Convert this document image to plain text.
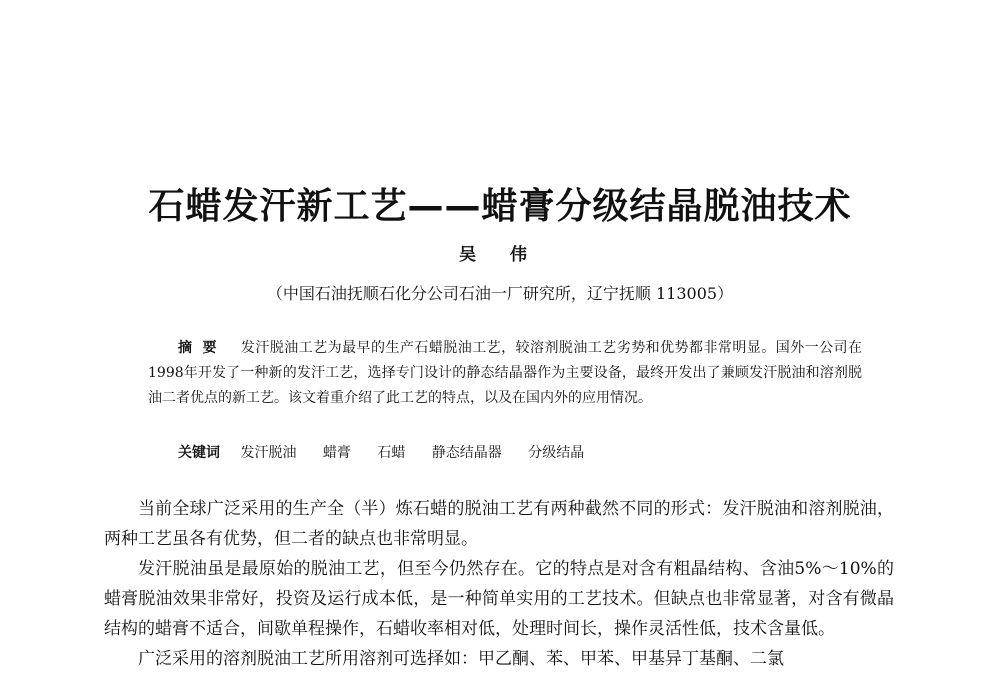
石蜡发汗新工艺——蜡膏分级结晶脱油技术
吴 伟
（中国石油抚顺石化分公司石油一厂研究所，辽宁抚顺 113005）
摘要 发汗脱油工艺为最早的生产石蜡脱油工艺，较溶剂脱油工艺劣势和优势都非常明显。国外一公司在1998年开发了一种新的发汗工艺，选择专门设计的静态结晶器作为主要设备，最终开发出了兼顾发汗脱油和溶剂脱油二者优点的新工艺。该文着重介绍了此工艺的特点，以及在国内外的应用情况。
关键词 发汗脱油 蜡膏 石蜡 静态结晶器 分级结晶

当前全球广泛采用的生产全（半）炼石蜡的脱油工艺有两种截然不同的形式：发汗脱油和溶剂脱油，两种工艺虽各有优势，但二者的缺点也非常明显。

发汗脱油虽是最原始的脱油工艺，但至今仍然存在。它的特点是对含有粗晶结构、含油5%～10%的蜡膏脱油效果非常好，投资及运行成本低，是一种简单实用的工艺技术。但缺点也非常显著，对含有微晶结构的蜡膏不适合，间歇单程操作，石蜡收率相对低，处理时间长，操作灵活性低，技术含量低。

广泛采用的溶剂脱油工艺所用溶剂可选择如：甲乙酮、苯、甲苯、甲基异丁基酮、二氯
